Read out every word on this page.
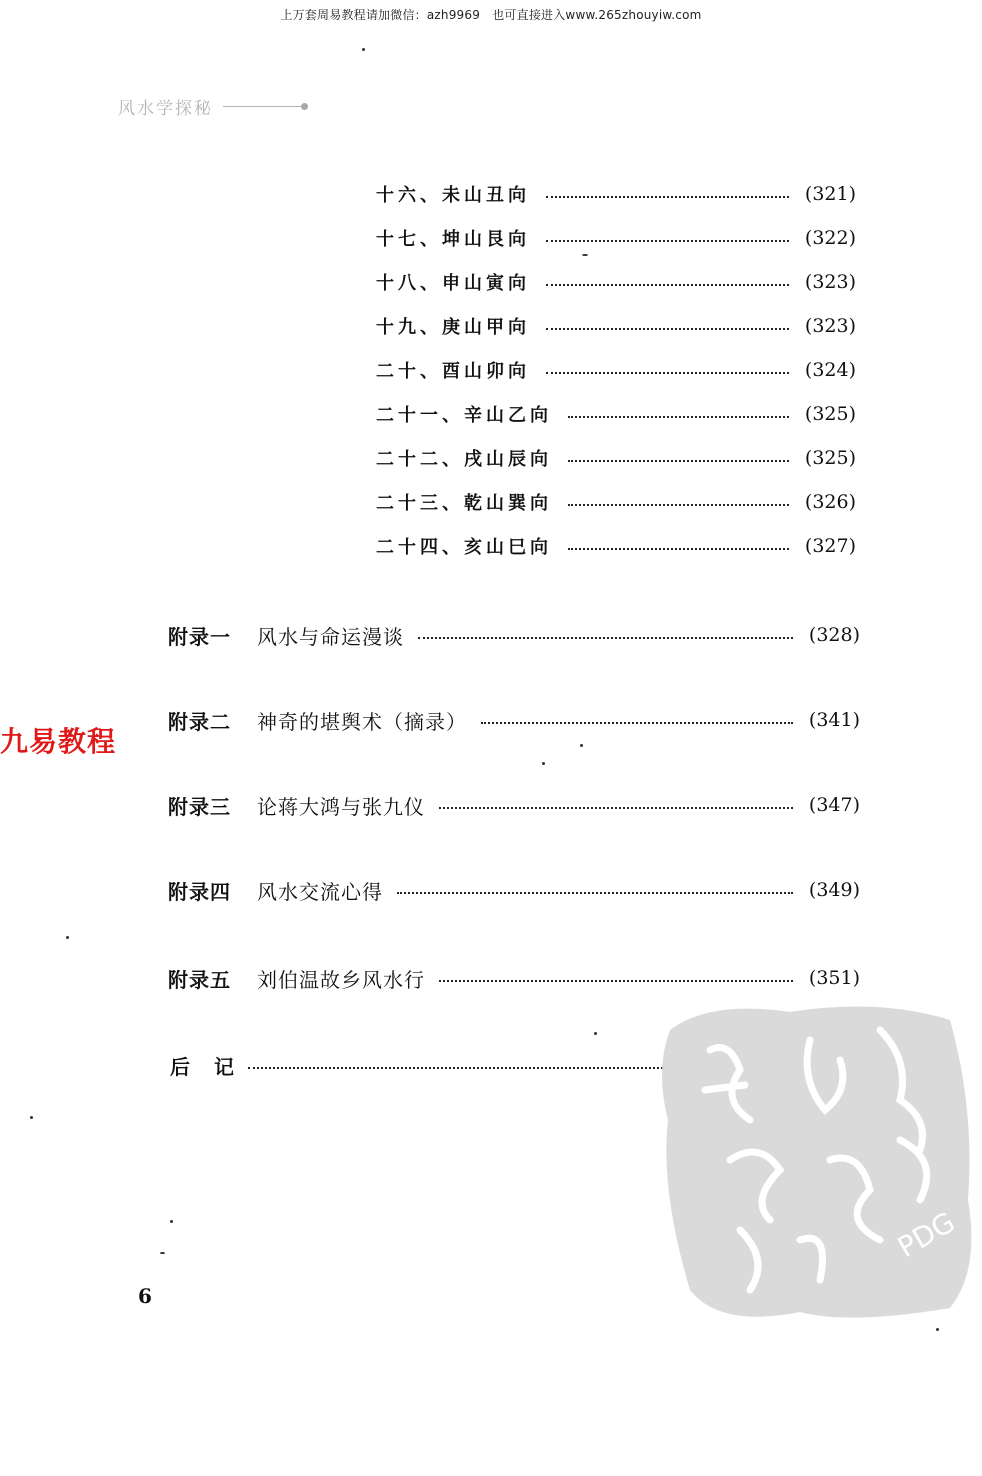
上万套周易教程请加微信：azh9969　也可直接进入www.265zhouyiw.com
风水学探秘
十六、未山丑向	(321)
十七、坤山艮向	(322)
十八、申山寅向	(323)
十九、庚山甲向	(323)
二十、酉山卯向	(324)
二十一、辛山乙向	(325)
二十二、戌山辰向	(325)
二十三、乾山巽向	(326)
二十四、亥山巳向	(327)
附录一 风水与命运漫谈	(328)
附录二 神奇的堪舆术（摘录）	(341)
附录三 论蒋大鸿与张九仪	(347)
附录四 风水交流心得	(349)
附录五 刘伯温故乡风水行	(351)
后记
九易教程
6
PDG
